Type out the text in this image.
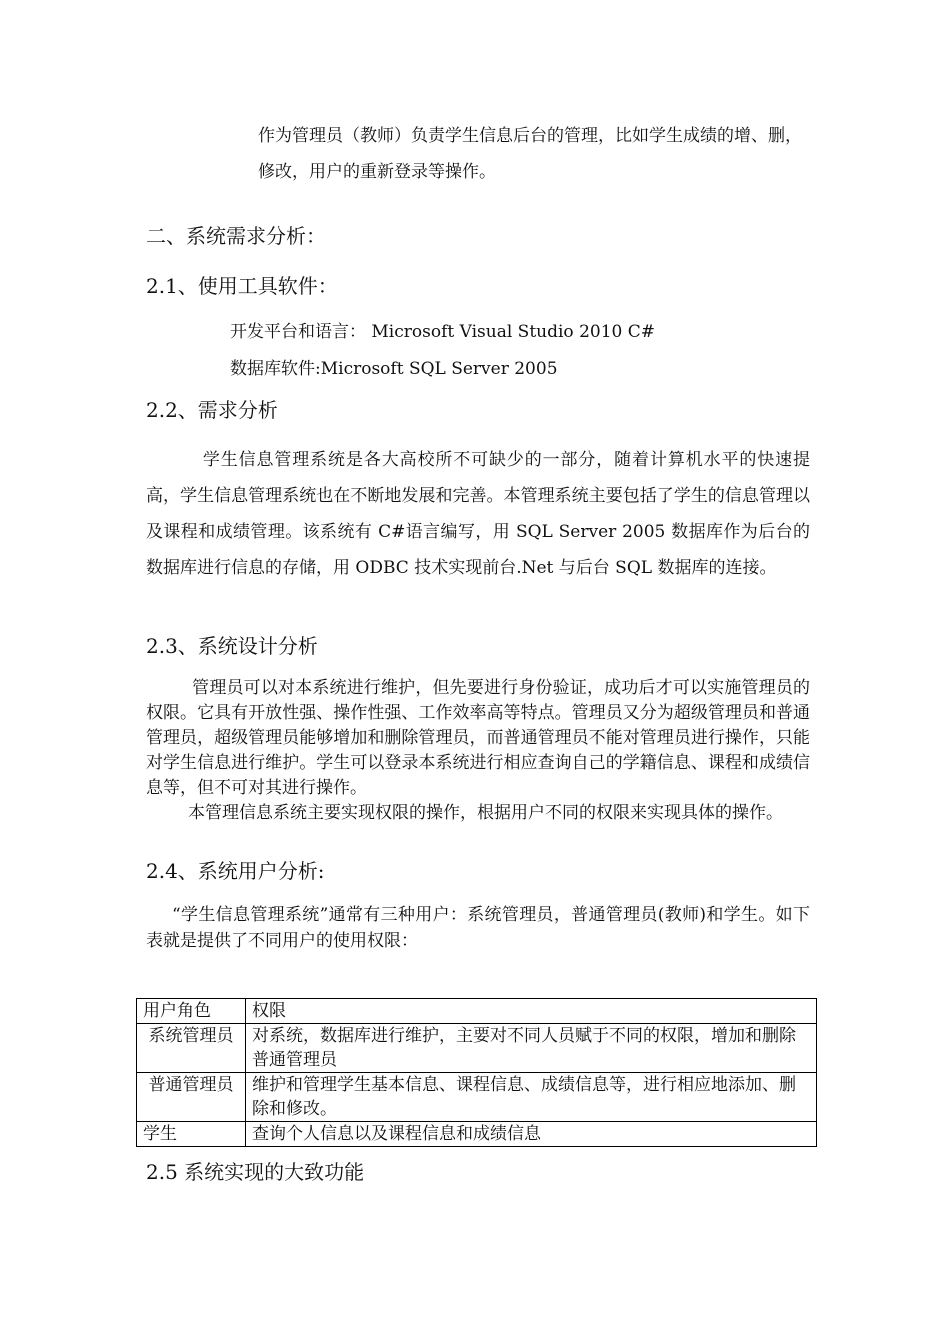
作为管理员（教师）负责学生信息后台的管理，比如学生成绩的增、删，修改，用户的重新登录等操作。

二、系统需求分析：

2.1、使用工具软件：

开发平台和语言： Microsoft Visual Studio 2010 C#

数据库软件:Microsoft SQL Server 2005

2.2、需求分析

学生信息管理系统是各大高校所不可缺少的一部分，随着计算机水平的快速提高，学生信息管理系统也在不断地发展和完善。本管理系统主要包括了学生的信息管理以及课程和成绩管理。该系统有 C#语言编写，用 SQL Server 2005 数据库作为后台的数据库进行信息的存储，用 ODBC 技术实现前台.Net 与后台 SQL 数据库的连接。

2.3、系统设计分析

管理员可以对本系统进行维护，但先要进行身份验证，成功后才可以实施管理员的权限。它具有开放性强、操作性强、工作效率高等特点。管理员又分为超级管理员和普通管理员，超级管理员能够增加和删除管理员，而普通管理员不能对管理员进行操作，只能对学生信息进行维护。学生可以登录本系统进行相应查询自己的学籍信息、课程和成绩信息等，但不可对其进行操作。
本管理信息系统主要实现权限的操作，根据用户不同的权限来实现具体的操作。

2.4、系统用户分析:

“学生信息管理系统”通常有三种用户：系统管理员，普通管理员(教师)和学生。如下表就是提供了不同用户的使用权限：

用户角色	权限
系统管理员	对系统，数据库进行维护，主要对不同人员赋于不同的权限，增加和删除普通管理员
普通管理员	维护和管理学生基本信息、课程信息、成绩信息等，进行相应地添加、删除和修改。
学生	查询个人信息以及课程信息和成绩信息

2.5 系统实现的大致功能
